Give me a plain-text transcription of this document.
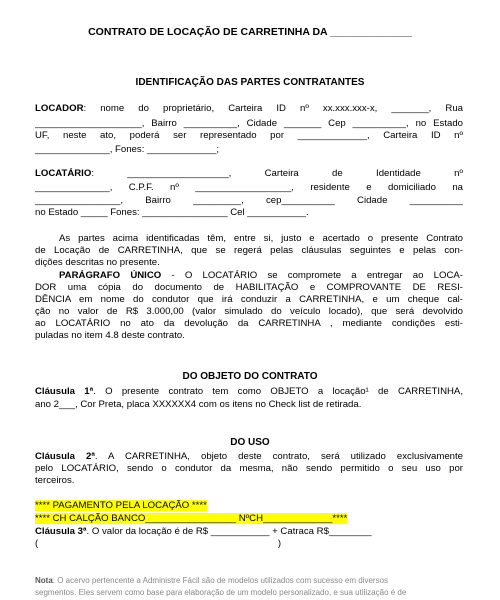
CONTRATO DE LOCAÇÃO DE CARRETINHA DA ______________
IDENTIFICAÇÃO DAS PARTES CONTRATANTES
LOCADOR: nome do proprietário, Carteira ID nº xx.xxx.xxx-x, _______, Rua
____________________, Bairro __________, Cidade _______ Cep __________, no Estado
UF, neste ato, poderá ser representado por _____________, Carteira ID nº
______________, Fones: _____________;
LOCATÁRIO: ___________________, Carteira de Identidade nº
______________, C.P.F. nº __________________, residente e domiciliado na
________________, Bairro _________, cep__________ Cidade __________
no Estado _____ Fones: ________________ Cel ___________.
As partes acima identificadas têm, entre si, justo e acertado o presente Contrato
de Locação de CARRETINHA, que se regerá pelas cláusulas seguintes e pelas con-
dições descritas no presente.
PARÁGRAFO ÚNICO - O LOCATÁRIO se compromete a entregar ao LOCA-
DOR uma cópia do documento de HABILITAÇÃO e COMPROVANTE DE RESI-
DÊNCIA em nome do condutor que irá conduzir a CARRETINHA, e um cheque cal-
ção no valor de R$ 3.000,00 (valor simulado do veículo locado), que será devolvido
ao LOCATÁRIO no ato da devolução da CARRETINHA , mediante condições esti-
puladas no item 4.8 deste contrato.
DO OBJETO DO CONTRATO
Cláusula 1ª. O presente contrato tem como OBJETO a locação¹ de CARRETINHA,
ano 2___, Cor Preta, placa XXXXXX4 com os itens no Check list de retirada.
DO USO
Cláusula 2ª. A CARRETINHA, objeto deste contrato, será utilizado exclusivamente
pelo LOCATÁRIO, sendo o condutor da mesma, não sendo permitido o seu uso por
terceiros.
**** PAGAMENTO PELA LOCAÇÃO ****
**** CH CALÇÃO BANCO_________________ NºCH_____________****
Cláusula 3ª. O valor da locação é de R$ ___________ + Catraca R$________
( )
Nota: O acervo pertencente a Administre Fácil são de modelos utilizados com sucesso em diversos
segmentos. Eles servem como base para elaboração de um modelo personalizado, e sua utilização é de
